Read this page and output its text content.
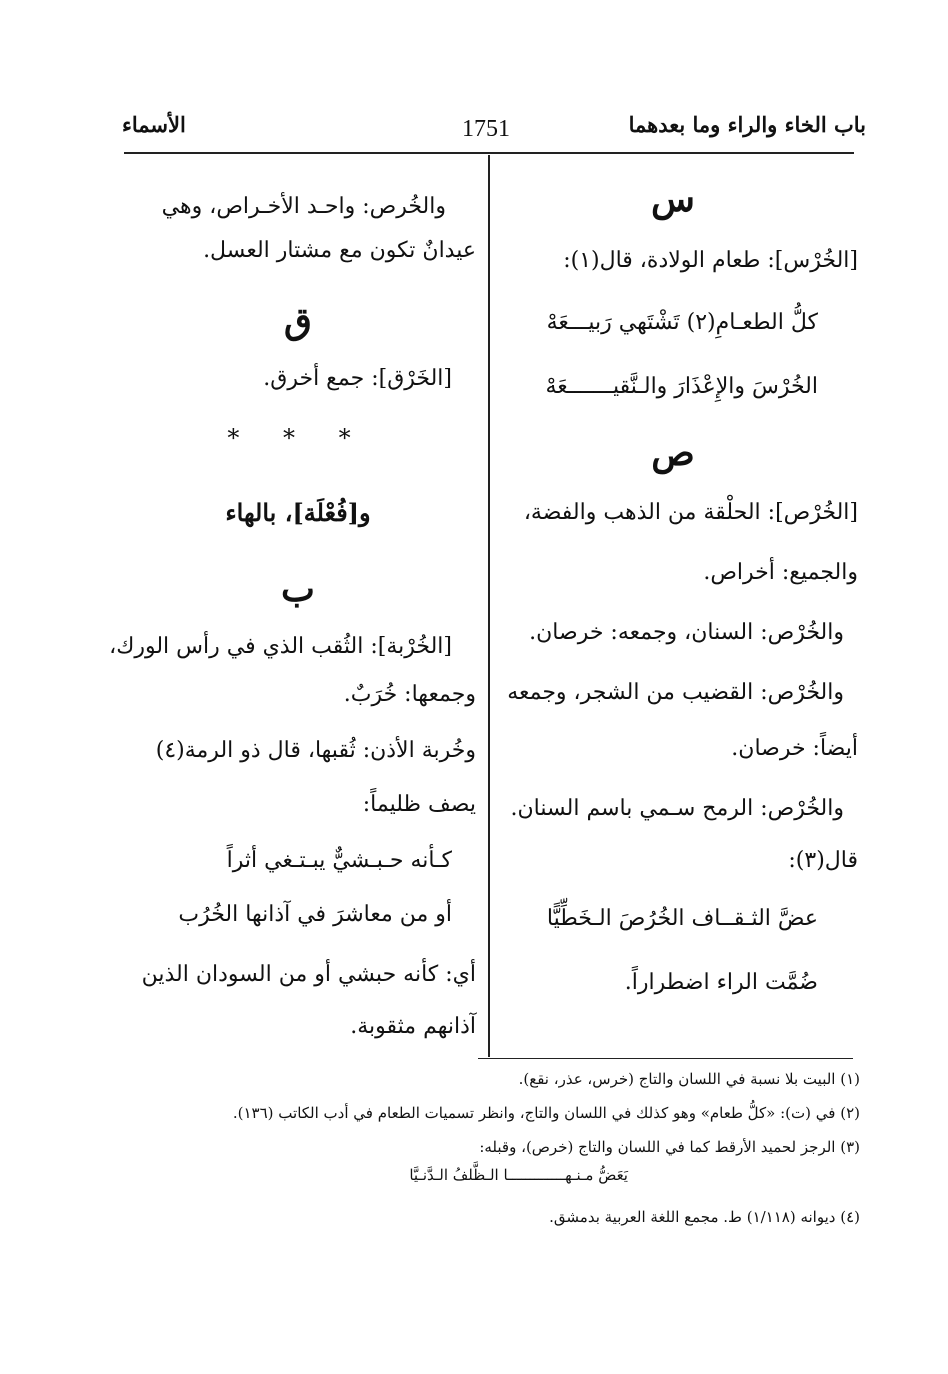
باب الخاء والراء وما بعدهما
1751
الأسماء
س
[الخُرْس]: طعام الولادة، قال(١):
كلُّ الطعـامِ(٢) تَشْتَهي رَبيـــعَهْ
الخُرْسَ والإِعْذَارَ والـنَّقيـــــــعَهْ
ص
[الخُرْص]: الحلْقة من الذهب والفضة،
والجميع: أخراص.
والخُرْص: السنان، وجمعه: خرصان.
والخُرْص: القضيب من الشجر، وجمعه
أيضاً: خرصان.
والخُرْص: الرمح سـمي باسم السنان.
قال(٣):
عضَّ الثـقــاف الخُرُصَ الـخَطِّيًّا
ضُمَّت الراء اضطراراً.
والخُرص: واحـد الأخـراص، وهي
عيدانٌ تكون مع مشتار العسل.
ق
[الخَرْق]: جمع أخرق.
* * *
و[فُعْلَة]، بالهاء
ب
[الخُرْبة]: الثُقب الذي في رأس الورك،
وجمعها: خُرَبٌ.
وخُربة الأذن: ثُقبها، قال ذو الرمة(٤)
يصف ظليماً:
كـأنه حـبـشيٌّ يبـتـغي أثراً
أو من معاشرَ في آذانها الخُرُب
أي: كأنه حبشي أو من السودان الذين
آذانهم مثقوبة.
(١) البيت بلا نسبة في اللسان والتاج (خرس، عذر، نقع).
(٢) في (ت): «كلُّ طعام» وهو كذلك في اللسان والتاج، وانظر تسميات الطعام في أدب الكاتب (١٣٦).
(٣) الرجز لحميد الأرقط كما في اللسان والتاج (خرص)، وقبله:
يَعَضُّ مـنـهـــــــــــــا الـظَّلفُ الـدَّنـيَّا
(٤) ديوانه (١/١١٨) ط. مجمع اللغة العربية بدمشق.
